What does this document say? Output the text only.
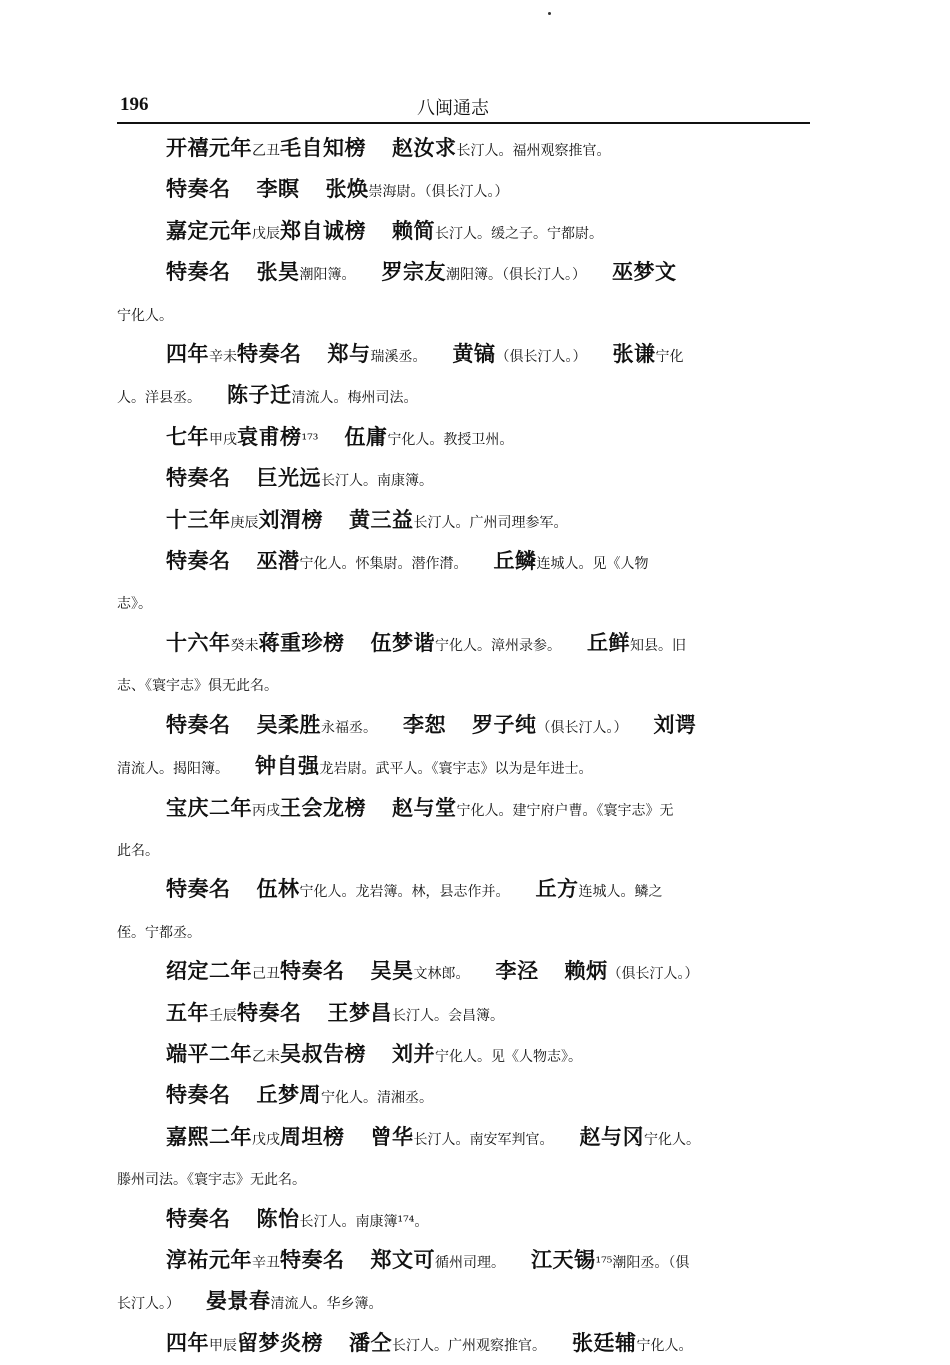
196	八闽通志
开禧元年乙丑毛自知榜 赵汝求长汀人。福州观察推官。
特奏名 李瞑 张焕崇海尉。（俱长汀人。）
嘉定元年戊辰郑自诚榜 赖简长汀人。缓之子。宁都尉。
特奏名 张昊潮阳簿。 罗宗友潮阳簿。（俱长汀人。） 巫梦文
宁化人。
四年辛未特奏名 郑与瑞溪丞。 黄镐（俱长汀人。） 张谦宁化
人。洋县丞。 陈子迁清流人。梅州司法。
七年甲戌袁甫榜¹⁷³ 伍庸宁化人。教授卫州。
特奏名 巨光远长汀人。南康簿。
十三年庚辰刘渭榜 黄三益长汀人。广州司理参军。
特奏名 巫潜宁化人。怀集尉。潜作潸。 丘鳞连城人。见《人物
志》。
十六年癸未蒋重珍榜 伍梦谐宁化人。漳州录参。 丘鲜知县。旧
志、《寰宇志》俱无此名。
特奏名 吴柔胜永福丞。 李恕 罗子纯（俱长汀人。） 刘谔
清流人。揭阳簿。 钟自强龙岩尉。武平人。《寰宇志》以为是年进士。
宝庆二年丙戌王会龙榜 赵与堂宁化人。建宁府户曹。《寰宇志》无
此名。
特奏名 伍林宁化人。龙岩簿。林，县志作并。 丘方连城人。鳞之
侄。宁都丞。
绍定二年己丑特奏名 吴昊文林郎。 李泾 赖炳（俱长汀人。）
五年壬辰特奏名 王梦昌长汀人。会昌簿。
端平二年乙未吴叔告榜 刘并宁化人。见《人物志》。
特奏名 丘梦周宁化人。清湘丞。
嘉熙二年戊戌周坦榜 曾华长汀人。南安军判官。 赵与冈宁化人。
滕州司法。《寰宇志》无此名。
特奏名 陈怡长汀人。南康簿¹⁷⁴。
淳祐元年辛丑特奏名 郑文可循州司理。 江天锡¹⁷⁵潮阳丞。（俱
长汀人。） 晏景春清流人。华乡簿。
四年甲辰留梦炎榜 潘仝长汀人。广州观察推官。 张廷辅宁化人。
